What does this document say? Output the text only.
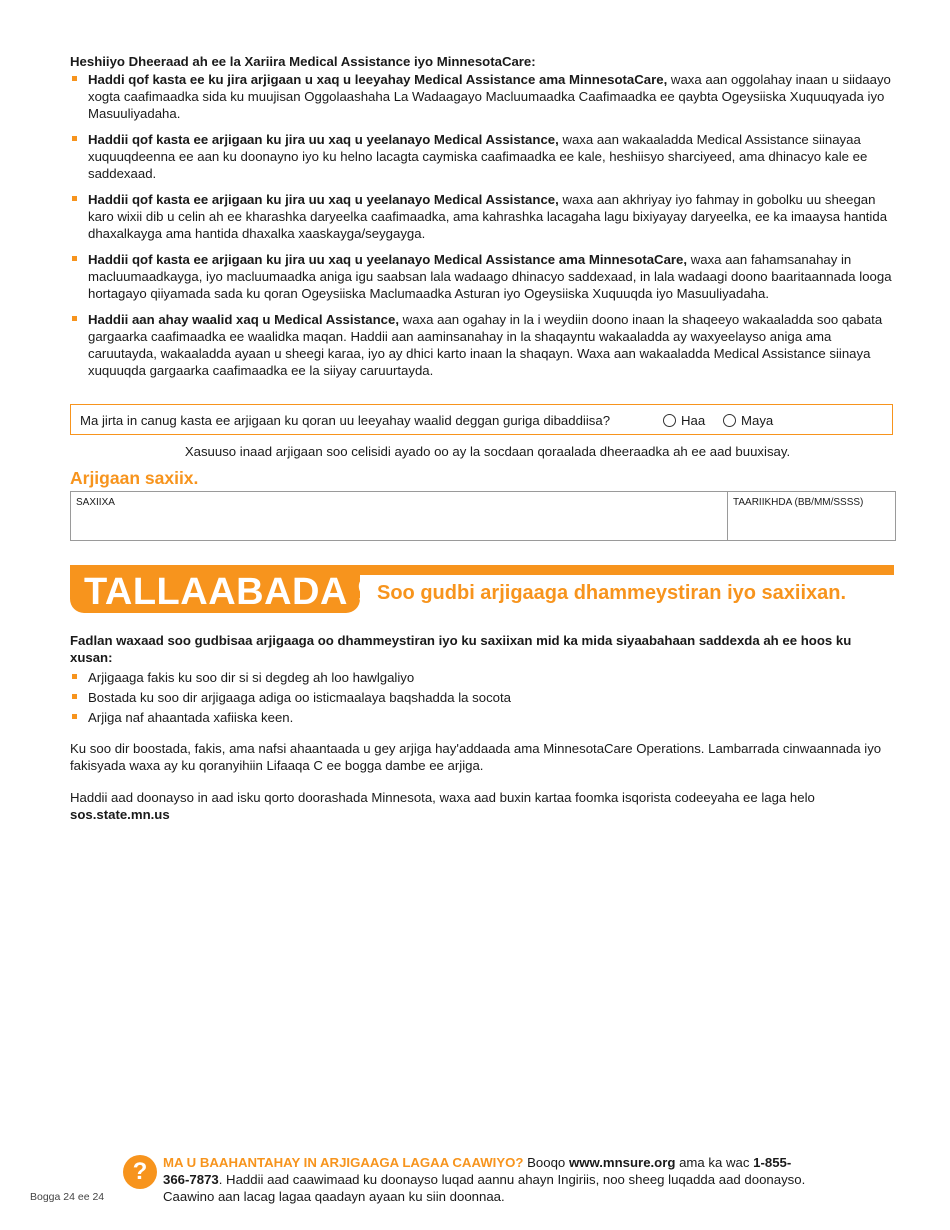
Heshiiyo Dheeraad ah ee la Xariira Medical Assistance iyo MinnesotaCare:
Haddi qof kasta ee ku jira arjigaan u xaq u leeyahay Medical Assistance ama MinnesotaCare, waxa aan oggolahay inaan u siidaayo xogta caafimaadka sida ku muujisan Oggolaashaha La Wadaagayo Macluumaadka Caafimaadka ee qaybta Ogeysiiska Xuquuqyada iyo Masuuliyadaha.
Haddii qof kasta ee arjigaan ku jira uu xaq u yeelanayo Medical Assistance, waxa aan wakaaladda Medical Assistance siinayaa xuquuqdeenna ee aan ku doonayno iyo ku helno lacagta caymiska caafimaadka ee kale, heshiisyo sharciyeed, ama dhinacyo kale ee saddexaad.
Haddii qof kasta ee arjigaan ku jira uu xaq u yeelanayo Medical Assistance, waxa aan akhriyay iyo fahmay in gobolku uu sheegan karo wixii dib u celin ah ee kharashka daryeelka caafimaadka, ama kahrashka lacagaha lagu bixiyayay daryeelka, ee ka imaaysa hantida dhaxalkayga ama hantida dhaxalka xaaskayga/seygayga.
Haddii qof kasta ee arjigaan ku jira uu xaq u yeelanayo Medical Assistance ama MinnesotaCare, waxa aan fahamsanahay in macluumaadkayga, iyo macluumaadka aniga igu saabsan lala wadaago dhinacyo saddexaad, in lala wadaagi doono baaritaannada looga hortagayo qiiyamada sada ku qoran Ogeysiiska Maclumaadka Asturan iyo Ogeysiiska Xuquuqda iyo Masuuliyadaha.
Haddii aan ahay waalid xaq u Medical Assistance, waxa aan ogahay in la i weydiin doono inaan la shaqeeyo wakaaladda soo qabata gargaarka caafimaadka ee waalidka maqan. Haddii aan aaminsanahay in la shaqayntu wakaaladda ay waxyeelayso aniga ama caruutayda, wakaaladda ayaan u sheegi karaa, iyo ay dhici karto inaan la shaqayn. Waxa aan wakaaladda Medical Assistance siinaya xuquuqda gargaarka caafimaadka ee la siiyay caruurtayda.
Ma jirta in canug kasta ee arjigaan ku qoran uu leeyahay waalid deggan guriga dibaddiisa?	Haa	Maya
Xasuuso inaad arjigaan soo celisidi ayado oo ay la socdaan qoraalada dheeraadka ah ee aad buuxisay.
Arjigaan saxiix.
SAXIIXA	TAARIIKHDA (BB/MM/SSSS)
TALLAABADA 9
Soo gudbi arjigaaga dhammeystiran iyo saxiixan.
Fadlan waxaad soo gudbisaa arjigaaga oo dhammeystiran iyo ku saxiixan mid ka mida siyaabahaan saddexda ah ee hoos ku xusan:
Arjigaaga fakis ku soo dir si si degdeg ah loo hawlgaliyo
Bostada ku soo dir arjigaaga adiga oo isticmaalaya baqshadda la socota
Arjiga naf ahaantada xafiiska keen.
Ku soo dir boostada, fakis, ama nafsi ahaantaada u gey arjiga hay'addaada ama MinnesotaCare Operations. Lambarrada cinwaannada iyo fakisyada waxa ay ku qoranyihiin Lifaaqa C ee bogga dambe ee arjiga.
Haddii aad doonayso in aad isku qorto doorashada Minnesota, waxa aad buxin kartaa foomka isqorista codeeyaha ee laga helo sos.state.mn.us
?	MA U BAAHANTAHAY IN ARJIGAAGA LAGAA CAAWIYO? Booqo www.mnsure.org ama ka wac 1-855-366-7873. Haddii aad caawimaad ku doonayso luqad aannu ahayn Ingiriis, noo sheeg luqadda aad doonayso. Caawino aan lacag lagaa qaadayn ayaan ku siin doonnaa.
Bogga 24 ee 24
